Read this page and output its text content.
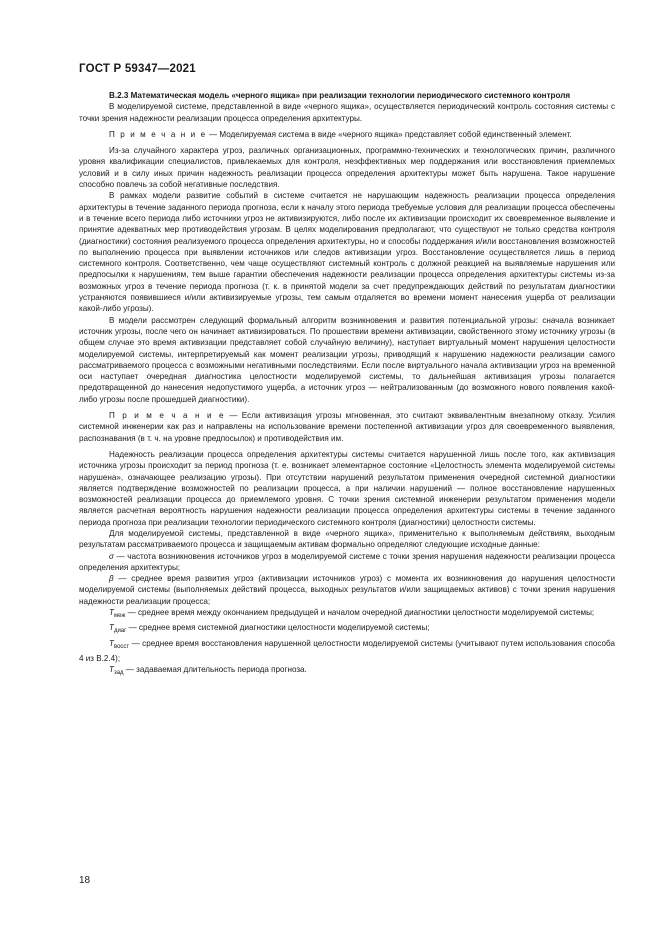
ГОСТ Р 59347—2021

В.2.3 Математическая модель «черного ящика» при реализации технологии периодического системного контроля

В моделируемой системе, представленной в виде «черного ящика», осуществляется периодический контроль состояния системы с точки зрения надежности реализации процесса определения архитектуры.

П р и м е ч а н и е — Моделируемая система в виде «черного ящика» представляет собой единственный элемент.

Из-за случайного характера угроз, различных организационных, программно-технических и технологических причин, различного уровня квалификации специалистов, привлекаемых для контроля, неэффективных мер поддержания или восстановления приемлемых условий и в силу иных причин надежность реализации процесса определения архитектуры может быть нарушена. Такое нарушение способно повлечь за собой негативные последствия.

В рамках модели развитие событий в системе считается не нарушающим надежность реализации процесса определения архитектуры в течение заданного периода прогноза, если к началу этого периода требуемые условия для реализации процесса обеспечены и в течение всего периода либо источники угроз не активизируются, либо после их активизации происходит их своевременное выявление и принятие адекватных мер противодействия угрозам. В целях моделирования предполагают, что существуют не только средства контроля (диагностики) состояния реализуемого процесса определения архитектуры, но и способы поддержания и/или восстановления возможностей по выполнению процесса при выявлении источников или следов активизации угроз. Восстановление осуществляется лишь в период системного контроля. Соответственно, чем чаще осуществляют системный контроль с должной реакцией на выявляемые нарушения или предпосылки к нарушениям, тем выше гарантии обеспечения надежности реализации процесса определения архитектуры системы из-за возможных угроз в течение периода прогноза (т. к. в принятой модели за счет предупреждающих действий по результатам диагностики устраняются появившиеся и/или активизируемые угрозы, тем самым отдаляется во времени момент нанесения ущерба от реализации какой-либо угрозы).

В модели рассмотрен следующий формальный алгоритм возникновения и развития потенциальной угрозы: сначала возникает источник угрозы, после чего он начинает активизироваться. По прошествии времени активизации, свойственного этому источнику угрозы (в общем случае это время активизации представляет собой случайную величину), наступает виртуальный момент нарушения целостности моделируемой системы, интерпретируемый как момент реализации угрозы, приводящий к нарушению надежности реализации самого рассматриваемого процесса с возможными негативными последствиями. Если после виртуального начала активизации угроз на временной оси наступает очередная диагностика целостности моделируемой системы, то дальнейшая активизация угрозы полагается предотвращенной до нанесения недопустимого ущерба, а источник угроз — нейтрализованным (до возможного нового появления какой-либо угрозы после прошедшей диагностики).

П р и м е ч а н и е — Если активизация угрозы мгновенная, это считают эквивалентным внезапному отказу. Усилия системной инженерии как раз и направлены на использование времени постепенной активизации угроз для своевременного выявления, распознавания (в т. ч. на уровне предпосылок) и противодействия им.

Надежность реализации процесса определения архитектуры системы считается нарушенной лишь после того, как активизация источника угрозы происходит за период прогноза (т. е. возникает элементарное состояние «Целостность элемента моделируемой системы нарушена», означающее реализацию угрозы). При отсутствии нарушений результатом применения очередной системной диагностики является подтверждение возможностей по реализации процесса, а при наличии нарушений — полное восстановление нарушенных возможностей реализации процесса до приемлемого уровня. С точки зрения системной инженерии результатом применения модели является расчетная вероятность нарушения надежности реализации процесса определения архитектуры системы в течение заданного периода прогноза при реализации технологии периодического системного контроля (диагностики) целостности системы.

Для моделируемой системы, представленной в виде «черного ящика», применительно к выполняемым действиям, выходным результатам рассматриваемого процесса и защищаемым активам формально определяют следующие исходные данные:

σ — частота возникновения источников угроз в моделируемой системе с точки зрения нарушения надежности реализации процесса определения архитектуры;

β — среднее время развития угроз (активизации источников угроз) с момента их возникновения до нарушения целостности моделируемой системы (выполняемых действий процесса, выходных результатов и/или защищаемых активов) с точки зрения нарушения надежности реализации процесса;

$T_{меж}$ — среднее время между окончанием предыдущей и началом очередной диагностики целостности моделируемой системы;

$T_{диаг}$ — среднее время системной диагностики целостности моделируемой системы;

$T_{восст}$ — среднее время восстановления нарушенной целостности моделируемой системы (учитывают путем использования способа 4 из В.2.4);

$T_{зад}$ — задаваемая длительность периода прогноза.

18
